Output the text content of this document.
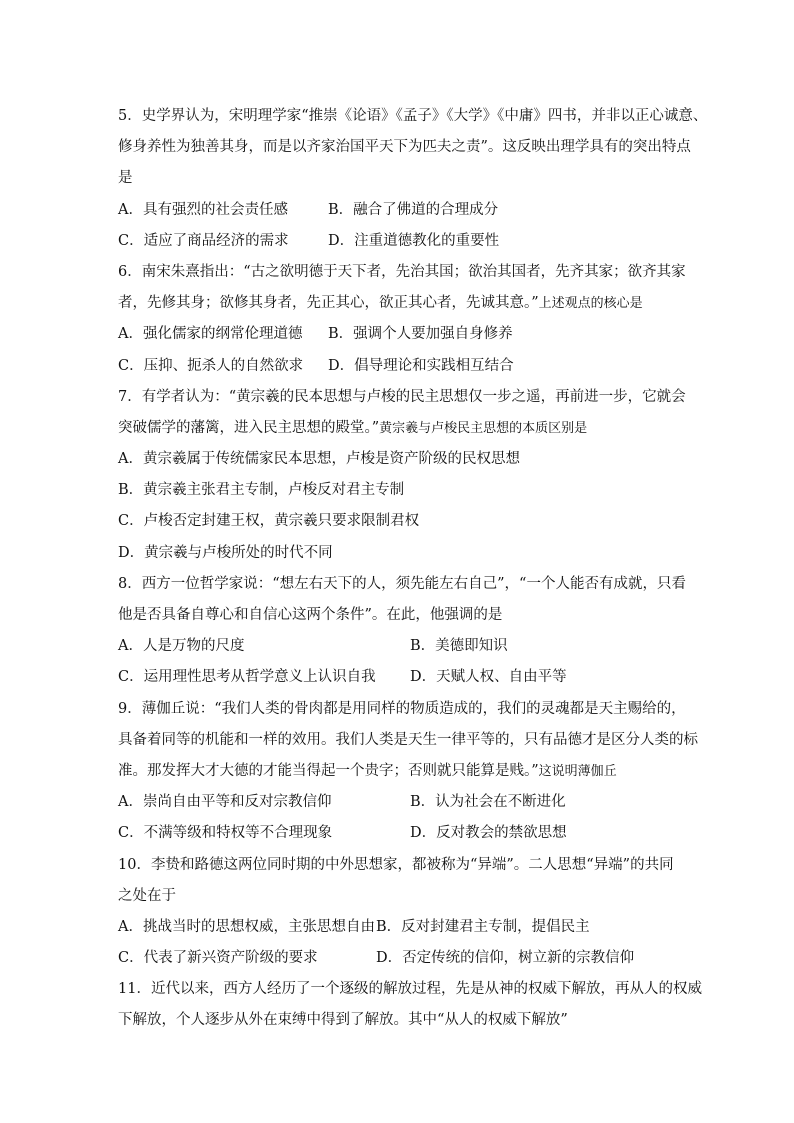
5．史学界认为，宋明理学家“推崇《论语》《孟子》《大学》《中庸》四书，并非以正心诚意、
修身养性为独善其身，而是以齐家治国平天下为匹夫之责”。这反映出理学具有的突出特点
是
A．具有强烈的社会责任感	B．融合了佛道的合理成分
C．适应了商品经济的需求	D．注重道德教化的重要性
6．南宋朱熹指出：“古之欲明德于天下者，先治其国；欲治其国者，先齐其家；欲齐其家
者，先修其身；欲修其身者，先正其心，欲正其心者，先诚其意。”上述观点的核心是
A．强化儒家的纲常伦理道德 B．强调个人要加强自身修养
C．压抑、扼杀人的自然欲求 D．倡导理论和实践相互结合
7．有学者认为：“黄宗羲的民本思想与卢梭的民主思想仅一步之遥，再前进一步，它就会
突破儒学的藩篱，进入民主思想的殿堂。”黄宗羲与卢梭民主思想的本质区别是
A．黄宗羲属于传统儒家民本思想，卢梭是资产阶级的民权思想
B．黄宗羲主张君主专制，卢梭反对君主专制
C．卢梭否定封建王权，黄宗羲只要求限制君权
D．黄宗羲与卢梭所处的时代不同
8．西方一位哲学家说：“想左右天下的人，须先能左右自己”，“一个人能否有成就，只看
他是否具备自尊心和自信心这两个条件”。在此，他强调的是
A．人是万物的尺度	B．美德即知识
C．运用理性思考从哲学意义上认识自我 D．天赋人权、自由平等
9．薄伽丘说：“我们人类的骨肉都是用同样的物质造成的，我们的灵魂都是天主赐给的，
具备着同等的机能和一样的效用。我们人类是天生一律平等的，只有品德才是区分人类的标
准。那发挥大才大德的才能当得起一个贵字；否则就只能算是贱。”这说明薄伽丘
A．崇尚自由平等和反对宗教信仰	B．认为社会在不断进化
C．不满等级和特权等不合理现象	D．反对教会的禁欲思想
10．李贽和路德这两位同时期的中外思想家，都被称为“异端”。二人思想“异端”的共同
之处在于
A．挑战当时的思想权威，主张思想自由 B．反对封建君主专制，提倡民主
C．代表了新兴资产阶级的要求	D．否定传统的信仰，树立新的宗教信仰
11．近代以来，西方人经历了一个逐级的解放过程，先是从神的权威下解放，再从人的权威
下解放，个人逐步从外在束缚中得到了解放。其中“从人的权威下解放”
